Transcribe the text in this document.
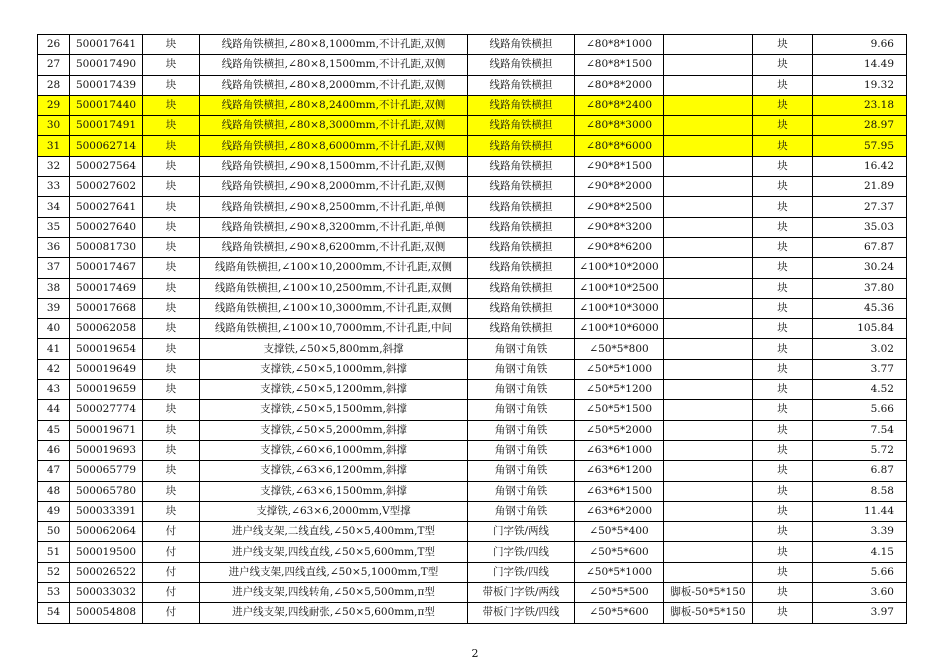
26	500017641	块	线路角铁横担,∠80×8,1000mm,不计孔距,双侧	线路角铁横担	∠80*8*1000		块	9.66
27	500017490	块	线路角铁横担,∠80×8,1500mm,不计孔距,双侧	线路角铁横担	∠80*8*1500		块	14.49
28	500017439	块	线路角铁横担,∠80×8,2000mm,不计孔距,双侧	线路角铁横担	∠80*8*2000		块	19.32
29	500017440	块	线路角铁横担,∠80×8,2400mm,不计孔距,双侧	线路角铁横担	∠80*8*2400		块	23.18
30	500017491	块	线路角铁横担,∠80×8,3000mm,不计孔距,双侧	线路角铁横担	∠80*8*3000		块	28.97
31	500062714	块	线路角铁横担,∠80×8,6000mm,不计孔距,双侧	线路角铁横担	∠80*8*6000		块	57.95
32	500027564	块	线路角铁横担,∠90×8,1500mm,不计孔距,双侧	线路角铁横担	∠90*8*1500		块	16.42
33	500027602	块	线路角铁横担,∠90×8,2000mm,不计孔距,双侧	线路角铁横担	∠90*8*2000		块	21.89
34	500027641	块	线路角铁横担,∠90×8,2500mm,不计孔距,单侧	线路角铁横担	∠90*8*2500		块	27.37
35	500027640	块	线路角铁横担,∠90×8,3200mm,不计孔距,单侧	线路角铁横担	∠90*8*3200		块	35.03
36	500081730	块	线路角铁横担,∠90×8,6200mm,不计孔距,双侧	线路角铁横担	∠90*8*6200		块	67.87
37	500017467	块	线路角铁横担,∠100×10,2000mm,不计孔距,双侧	线路角铁横担	∠100*10*2000		块	30.24
38	500017469	块	线路角铁横担,∠100×10,2500mm,不计孔距,双侧	线路角铁横担	∠100*10*2500		块	37.80
39	500017668	块	线路角铁横担,∠100×10,3000mm,不计孔距,双侧	线路角铁横担	∠100*10*3000		块	45.36
40	500062058	块	线路角铁横担,∠100×10,7000mm,不计孔距,中间	线路角铁横担	∠100*10*6000		块	105.84
41	500019654	块	支撑铁,∠50×5,800mm,斜撑	角钢寸角铁	∠50*5*800		块	3.02
42	500019649	块	支撑铁,∠50×5,1000mm,斜撑	角钢寸角铁	∠50*5*1000		块	3.77
43	500019659	块	支撑铁,∠50×5,1200mm,斜撑	角钢寸角铁	∠50*5*1200		块	4.52
44	500027774	块	支撑铁,∠50×5,1500mm,斜撑	角钢寸角铁	∠50*5*1500		块	5.66
45	500019671	块	支撑铁,∠50×5,2000mm,斜撑	角钢寸角铁	∠50*5*2000		块	7.54
46	500019693	块	支撑铁,∠60×6,1000mm,斜撑	角钢寸角铁	∠63*6*1000		块	5.72
47	500065779	块	支撑铁,∠63×6,1200mm,斜撑	角钢寸角铁	∠63*6*1200		块	6.87
48	500065780	块	支撑铁,∠63×6,1500mm,斜撑	角钢寸角铁	∠63*6*1500		块	8.58
49	500033391	块	支撑铁,∠63×6,2000mm,V型撑	角钢寸角铁	∠63*6*2000		块	11.44
50	500062064	付	进户线支架,二线直线,∠50×5,400mm,T型	门字铁/两线	∠50*5*400		块	3.39
51	500019500	付	进户线支架,四线直线,∠50×5,600mm,T型	门字铁/四线	∠50*5*600		块	4.15
52	500026522	付	进户线支架,四线直线,∠50×5,1000mm,T型	门字铁/四线	∠50*5*1000		块	5.66
53	500033032	付	进户线支架,四线转角,∠50×5,500mm,π型	带板门字铁/两线	∠50*5*500	脚板-50*5*150	块	3.60
54	500054808	付	进户线支架,四线耐张,∠50×5,600mm,π型	带板门字铁/四线	∠50*5*600	脚板-50*5*150	块	3.97
2
